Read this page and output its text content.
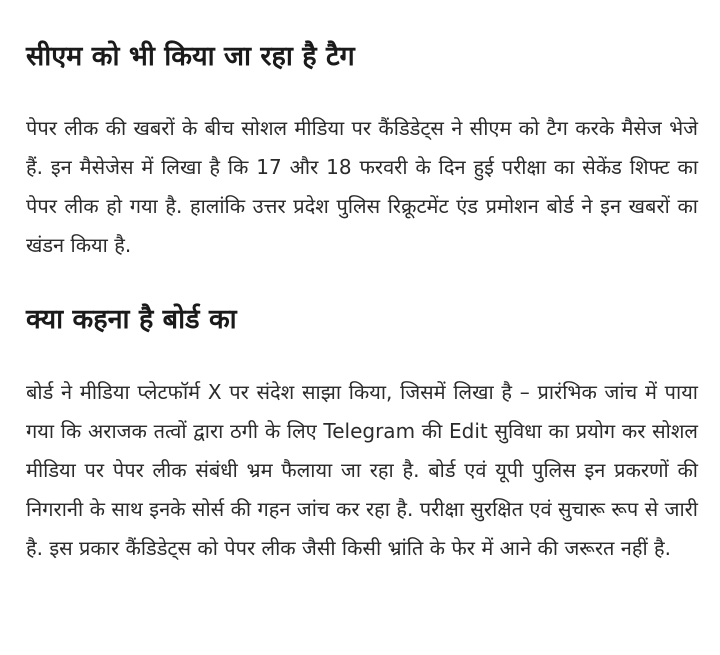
सीएम को भी किया जा रहा है टैग

पेपर लीक की खबरों के बीच सोशल मीडिया पर कैंडिडेट्स ने सीएम को टैग करके मैसेज भेजे हैं. इन मैसेजेस में लिखा है कि 17 और 18 फरवरी के दिन हुई परीक्षा का सेकेंड शिफ्ट का पेपर लीक हो गया है. हालांकि उत्तर प्रदेश पुलिस रिक्रूटमेंट एंड प्रमोशन बोर्ड ने इन खबरों का खंडन किया है.

क्या कहना है बोर्ड का

बोर्ड ने मीडिया प्लेटफॉर्म X पर संदेश साझा किया, जिसमें लिखा है – प्रारंभिक जांच में पाया गया कि अराजक तत्वों द्वारा ठगी के लिए Telegram की Edit सुविधा का प्रयोग कर सोशल मीडिया पर पेपर लीक संबंधी भ्रम फैलाया जा रहा है. बोर्ड एवं यूपी पुलिस इन प्रकरणों की निगरानी के साथ इनके सोर्स की गहन जांच कर रहा है. परीक्षा सुरक्षित एवं सुचारू रूप से जारी है. इस प्रकार कैंडिडेट्स को पेपर लीक जैसी किसी भ्रांति के फेर में आने की जरूरत नहीं है.
